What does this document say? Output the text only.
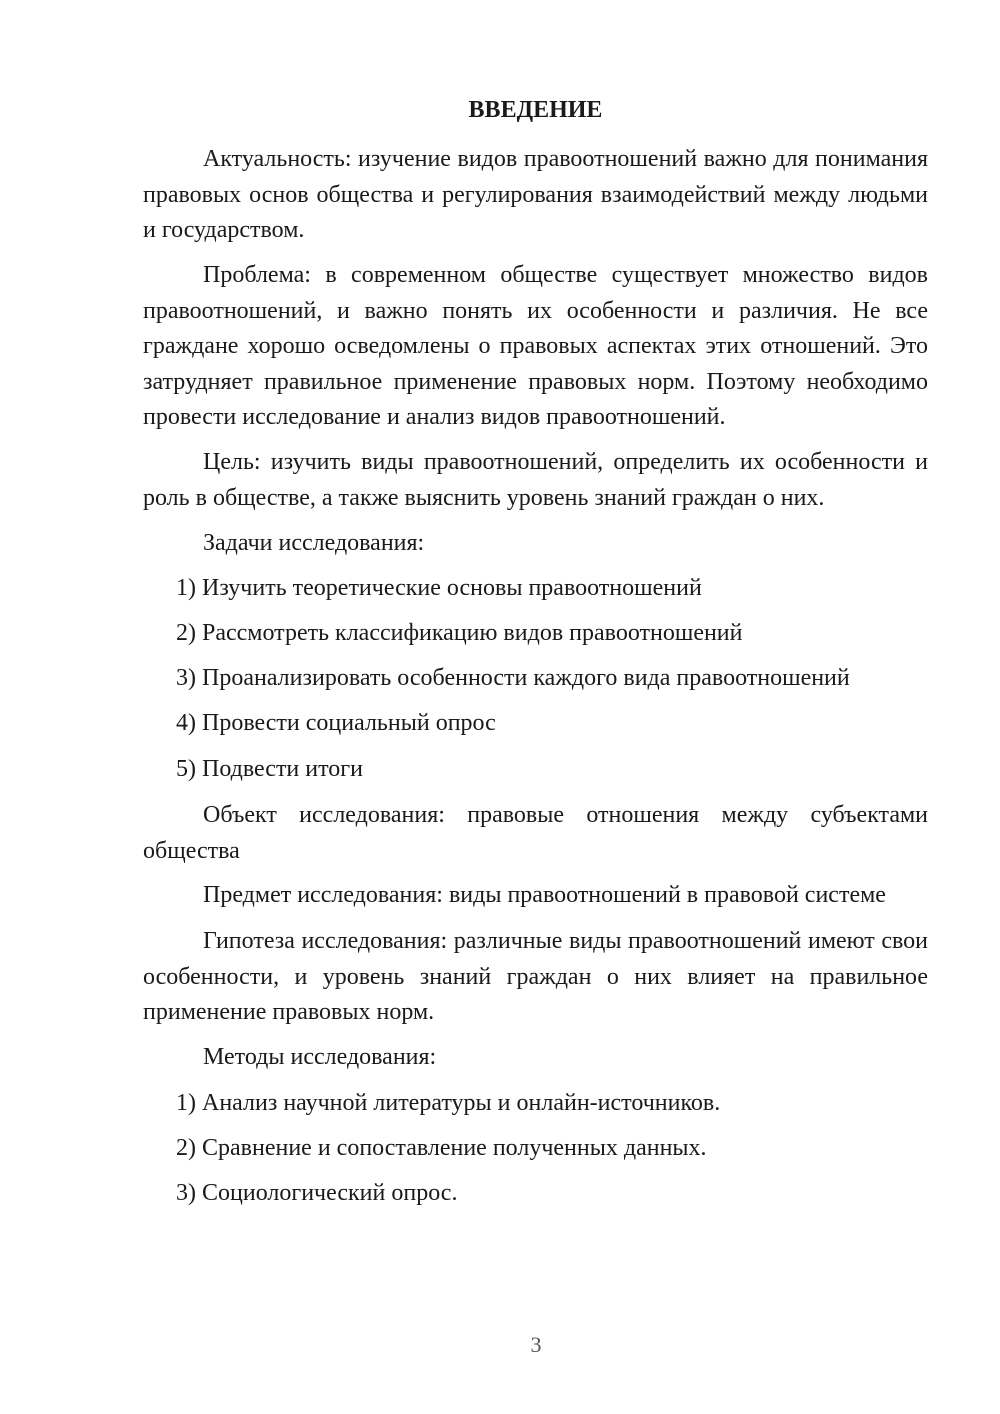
ВВЕДЕНИЕ

Актуальность: изучение видов правоотношений важно для понимания правовых основ общества и регулирования взаимодействий между людьми и государством.

Проблема: в современном обществе существует множество видов правоотношений, и важно понять их особенности и различия. Не все граждане хорошо осведомлены о правовых аспектах этих отношений. Это затрудняет правильное применение правовых норм. Поэтому необходимо провести исследование и анализ видов правоотношений.

Цель: изучить виды правоотношений, определить их особенности и роль в обществе, а также выяснить уровень знаний граждан о них.

Задачи исследования:

1) Изучить теоретические основы правоотношений

2) Рассмотреть классификацию видов правоотношений

3) Проанализировать особенности каждого вида правоотношений

4) Провести социальный опрос

5) Подвести итоги

Объект исследования: правовые отношения между субъектами общества

Предмет исследования: виды правоотношений в правовой системе

Гипотеза исследования: различные виды правоотношений имеют свои особенности, и уровень знаний граждан о них влияет на правильное применение правовых норм.

Методы исследования:

1) Анализ научной литературы и онлайн-источников.

2) Сравнение и сопоставление полученных данных.

3) Социологический опрос.

3
